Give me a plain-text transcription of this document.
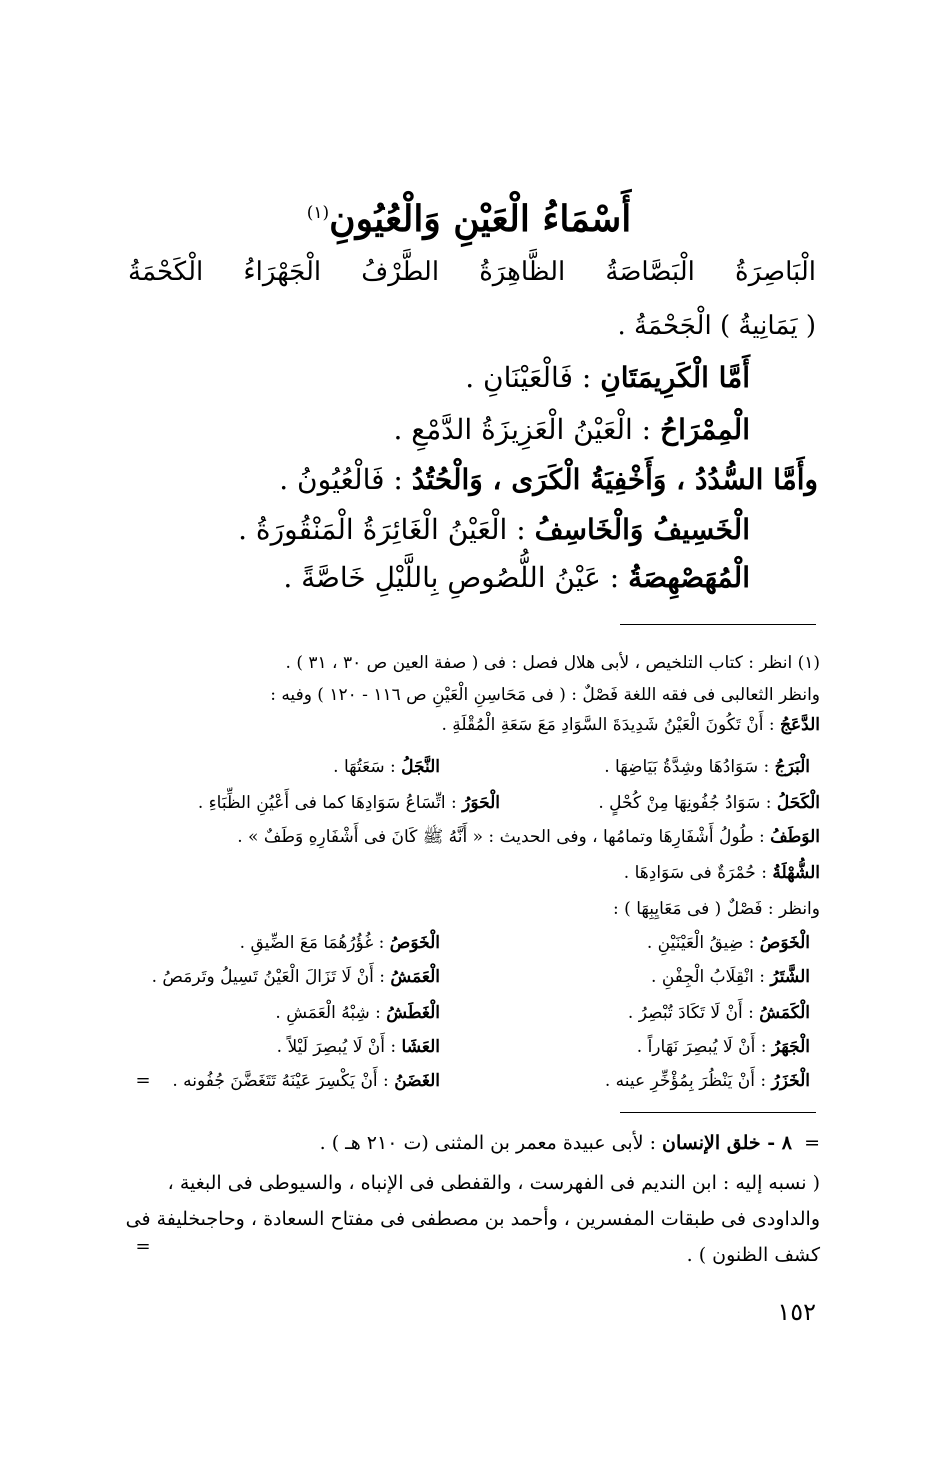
أَسْمَاءُ الْعَيْنِ وَالْعُيُونِ$^{(١)}$
الْبَاصِرَةُ
الْبَصَّاصَةُ
الظَّاهِرَةُ
الطَّرْفُ
الْجَهْرَاءُ
الْكَحْمَةُ
( يَمَانِيةُ ) الْجَحْمَةُ .
أَمَّا الْكَرِيمَتَانِ : فَالْعَيْنَانِ .
الْمِمْرَاحُ : الْعَيْنُ الْعَزِيزَةُ الدَّمْعِ .
وأَمَّا السُّدُدُ ، وَأَخْفِيَةُ الْكَرَى ، وَالْحُتُدُ : فَالْعُيُونُ .
الْخَسِيفُ وَالْخَاسِفُ : الْعَيْنُ الْغَائِرَةُ الْمَنْقُورَةُ .
الْمُهَصْهِصَةُ : عَيْنُ اللُّصُوصِ بِاللَّيْلِ خَاصَّةً .
(١) انظر : كتاب التلخيص ، لأبى هلال فصل : فى ( صفة العين ص ٣٠ ، ٣١ ) .
وانظر الثعالبى فى فقه اللغة فَصْلٌ : ( فى مَحَاسِنِ الْعَيْنِ ص ١١٦ - ١٢٠ ) وفيه :
الدَّعَجُ : أَنْ تَكُونَ الْعَيْنُ شَدِيدَةَ السَّوَادِ مَعَ سَعَةِ الْمُقْلَةِ .
الْبَرَجُ : سَوَادُهَا وشِدَّةُ بَيَاضِهَا .
النَّجَلُ : سَعَتُهَا .
الْكَحَلُ : سَوَادُ جُفُونِهَا مِنْ كُحْلٍ .
الْحَوَرُ : اتِّسَاعُ سَوَادِهَا كما فى أَعْيُنِ الظِّبَاءِ .
الوَطَفُ : طُولُ أَشْفَارِهَا وتمامُها ، وفى الحديث : « أَنَّهُ ﷺ كَانَ فى أَشْفَارِهِ وَطَفٌ » .
الشُّهْلَةُ : حُمْرَةٌ فى سَوَادِهَا .
وانظر : فَصْلٌ ( فى مَعَايِبِهَا ) :
الْخَوَصُ : ضِيقُ الْعَيْنَيْنِ .
الْخَوَصُ : غُؤُرُهُمَا مَعَ الضِّيقِ .
الشَّتَرُ : انْقِلَابُ الْجِفْنِ .
الْعَمَشُ : أَنْ لَا تَزَالَ الْعَيْنُ تَسِيلُ وتَرمَصُ .
الْكَمَشُ : أَنْ لَا تَكَادَ تُبْصِرُ .
الْغَطَشُ : شِبْهُ الْعَمَشِ .
الْجَهَرُ : أَنْ لَا يُبصِرَ نَهَاراً .
العَشَا : أَنْ لَا يُبصِرَ لَيْلاً .
الْخَزَرُ : أَنْ يَنْظُرَ بِمُؤْخِّرِ عينه .
الغَضَنُ : أَنْ يَكْسِرَ عَيْنَهُ تَتَغَضَّنَ جُفُونه .
=
=  ٨ - خلق الإنسان : لأبى عبيدة معمر بن المثنى (ت ٢١٠ هـ ) .
( نسبه إليه : ابن النديم فى الفهرست ، والقفطى فى الإنباه ، والسيوطى فى البغية ،
والداودى فى طبقات المفسرين ، وأحمد بن مصطفى فى مفتاح السعادة ، وحاجىخليفة فى
كشف الظنون ) .
=
١٥٢
